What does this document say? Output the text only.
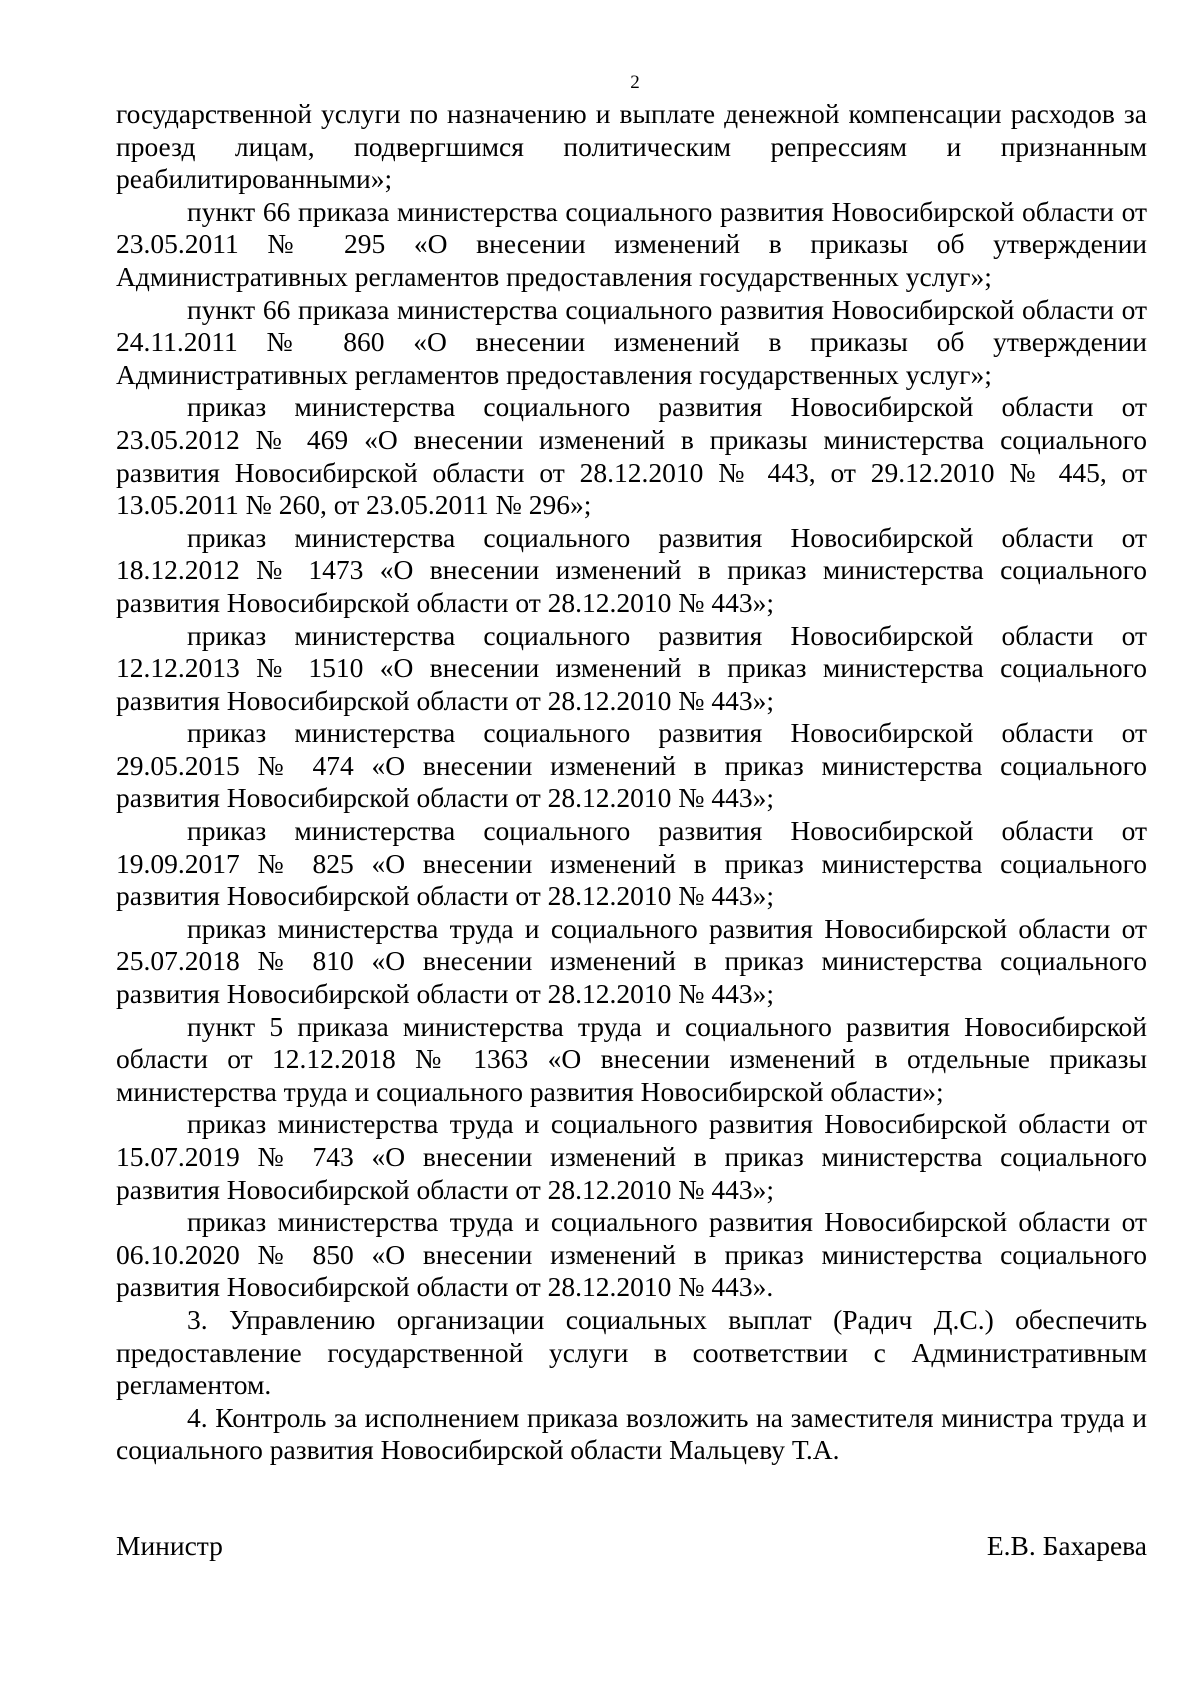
2

государственной услуги по назначению и выплате денежной компенсации расходов за проезд лицам, подвергшимся политическим репрессиям и признанным реабилитированными»;

пункт 66 приказа министерства социального развития Новосибирской области от 23.05.2011 № 295 «О внесении изменений в приказы об утверждении Административных регламентов предоставления государственных услуг»;

пункт 66 приказа министерства социального развития Новосибирской области от 24.11.2011 № 860 «О внесении изменений в приказы об утверждении Административных регламентов предоставления государственных услуг»;

приказ министерства социального развития Новосибирской области от 23.05.2012 № 469 «О внесении изменений в приказы министерства социального развития Новосибирской области от 28.12.2010 № 443, от 29.12.2010 № 445, от 13.05.2011 № 260, от 23.05.2011 № 296»;

приказ министерства социального развития Новосибирской области от 18.12.2012 № 1473 «О внесении изменений в приказ министерства социального развития Новосибирской области от 28.12.2010 № 443»;

приказ министерства социального развития Новосибирской области от 12.12.2013 № 1510 «О внесении изменений в приказ министерства социального развития Новосибирской области от 28.12.2010 № 443»;

приказ министерства социального развития Новосибирской области от 29.05.2015 № 474 «О внесении изменений в приказ министерства социального развития Новосибирской области от 28.12.2010 № 443»;

приказ министерства социального развития Новосибирской области от 19.09.2017 № 825 «О внесении изменений в приказ министерства социального развития Новосибирской области от 28.12.2010 № 443»;

приказ министерства труда и социального развития Новосибирской области от 25.07.2018 № 810 «О внесении изменений в приказ министерства социального развития Новосибирской области от 28.12.2010 № 443»;

пункт 5 приказа министерства труда и социального развития Новосибирской области от 12.12.2018 № 1363 «О внесении изменений в отдельные приказы министерства труда и социального развития Новосибирской области»;

приказ министерства труда и социального развития Новосибирской области от 15.07.2019 № 743 «О внесении изменений в приказ министерства социального развития Новосибирской области от 28.12.2010 № 443»;

приказ министерства труда и социального развития Новосибирской области от 06.10.2020 № 850 «О внесении изменений в приказ министерства социального развития Новосибирской области от 28.12.2010 № 443».

3. Управлению организации социальных выплат (Радич Д.С.) обеспечить предоставление государственной услуги в соответствии с Административным регламентом.

4. Контроль за исполнением приказа возложить на заместителя министра труда и социального развития Новосибирской области Мальцеву Т.А.

Министр	Е.В. Бахарева
